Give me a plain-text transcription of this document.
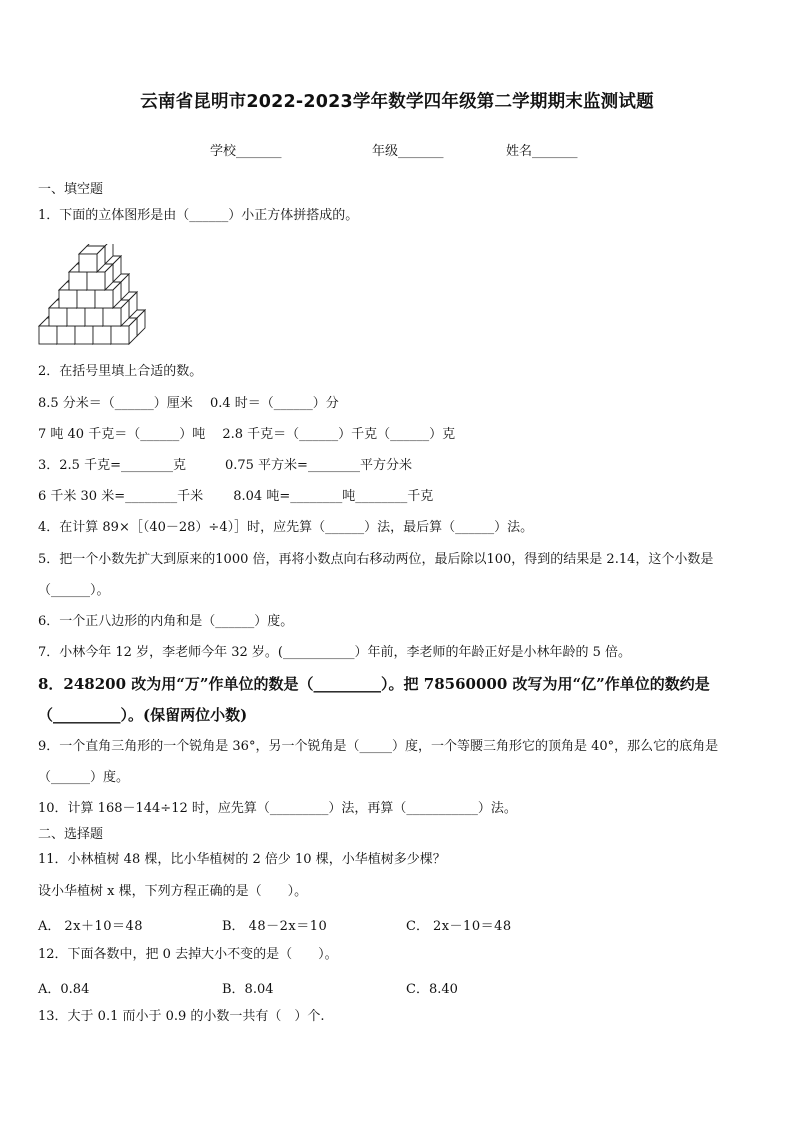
云南省昆明市2022-2023学年数学四年级第二学期期末监测试题
学校_______	年级_______	姓名_______
一、填空题
1．下面的立体图形是由（______）小正方体拼搭成的。
2．在括号里填上合适的数。
8.5 分米＝（______）厘米　 0.4 时＝（______）分
7 吨 40 千克＝（______）吨　 2.8 千克＝（______）千克（______）克
3．2.5 千克=________克　　　0.75 平方米=________平方分米
6 千米 30 米=________千米　　 8.04 吨=________吨________千克
4．在计算 89×［（40－28）÷4）］时，应先算（______）法，最后算（______）法。
5．把一个小数先扩大到原来的1000 倍，再将小数点向右移动两位，最后除以100，得到的结果是 2.14，这个小数是
（______）。
6．一个正八边形的内角和是（______）度。
7．小林今年 12 岁，李老师今年 32 岁。(___________）年前，李老师的年龄正好是小林年龄的 5 倍。
8．248200 改为用“万”作单位的数是（_________）。把 78560000 改写为用“亿”作单位的数约是
（_________）。(保留两位小数)
9．一个直角三角形的一个锐角是 36°，另一个锐角是（_____）度，一个等腰三角形它的顶角是 40°，那么它的底角是
（______）度。
10．计算 168－144÷12 时，应先算（_________）法，再算（___________）法。
二、选择题
11．小林植树 48 棵，比小华植树的 2 倍少 10 棵，小华植树多少棵？
设小华植树 x 棵，下列方程正确的是（　　）。
A． 2x＋10＝48	B． 48－2x＝10	C． 2x－10＝48
12．下面各数中，把 0 去掉大小不变的是（　　）。
A．0.84	B．8.04	C．8.40
13．大于 0.1 而小于 0.9 的小数一共有（　）个.
